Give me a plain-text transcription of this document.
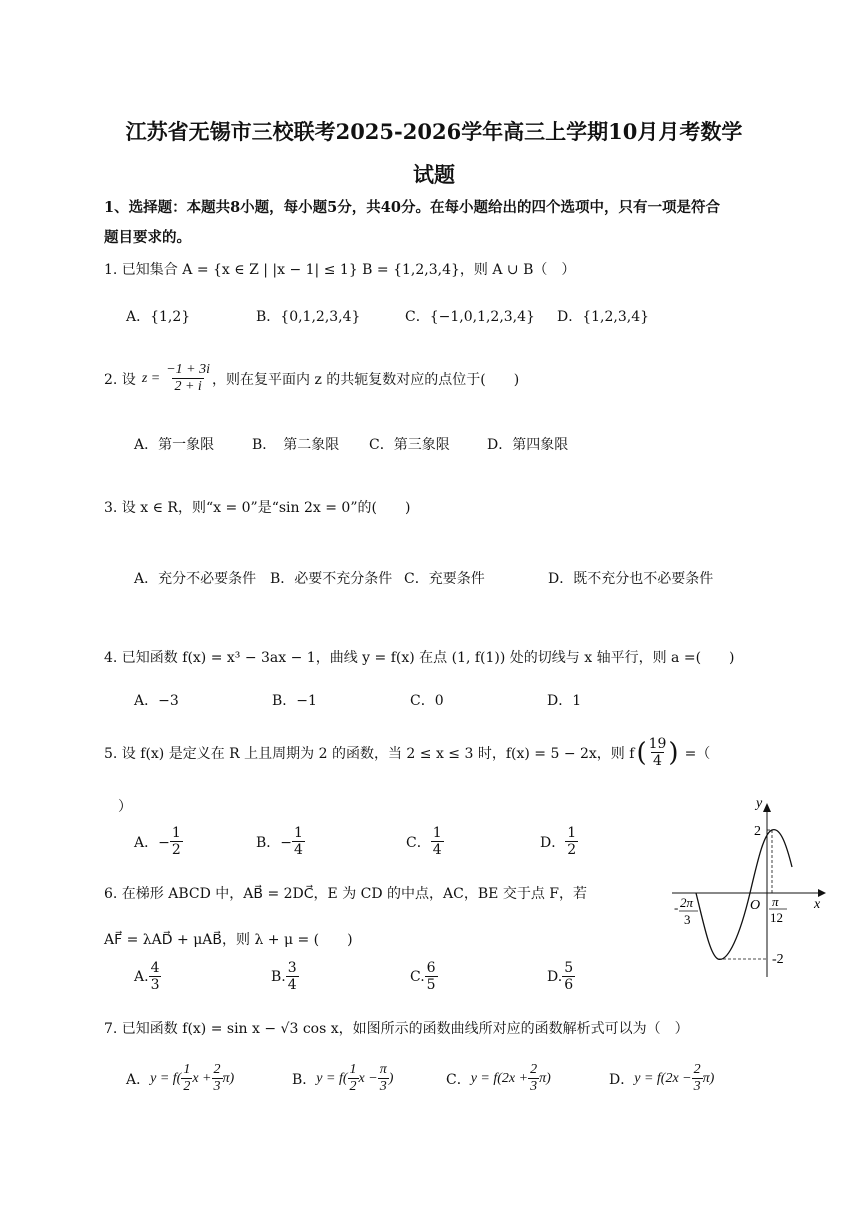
江苏省无锡市三校联考2025-2026学年高三上学期10月月考数学
试题
1、选择题：本题共8小题，每小题5分，共40分。在每小题给出的四个选项中，只有一项是符合
题目要求的。
1. 已知集合 A = {x ∈ Z | |x − 1| ≤ 1} B = {1,2,3,4}，则 A ∪ B（　）
A．{1,2}	B．{0,1,2,3,4}	C．{−1,0,1,2,3,4} D．{1,2,3,4}
2. 设 $z = \frac{-1 + 3i}{2 + i}$ ，则在复平面内 z 的共轭复数对应的点位于(　　)
A．第一象限	B．　第二象限 C．第三象限	D．第四象限
3. 设 x ∈ R，则“x = 0”是“sin 2x = 0”的(　　)
A．充分不必要条件 B．必要不充分条件 C．充要条件	D．既不充分也不必要条件
4. 已知函数 f(x) = x³ − 3ax − 1，曲线 y = f(x) 在点 (1, f(1)) 处的切线与 x 轴平行，则 a =(　　)
A．−3	B．−1	C．0	D．1
5. 设 f(x) 是定义在 R 上且周期为 2 的函数，当 2 ≤ x ≤ 3 时，f(x) = 5 − 2x，则 f ( $\frac{19}{4}$ ) =（
）
A．− $\frac{1}{2}$	B．− $\frac{1}{4}$	C． $\frac{1}{4}$	D． $\frac{1}{2}$
6. 在梯形 ABCD 中，AB⃗ = 2DC⃗，E 为 CD 的中点，AC，BE 交于点 F，若
AF⃗ = λAD⃗ + μAB⃗，则 λ + μ = (　　)
A. $\frac{4}{3}$	B. $\frac{3}{4}$	C. $\frac{6}{5}$	D. $\frac{5}{6}$
7. 已知函数 f(x) = sin x − √3 cos x，如图所示的函数曲线所对应的函数解析式可以为（　）
A． $y = f( \frac{1}{2}$ $x + \frac{2}{3} \pi$)	B． $y = f( \frac{1}{2}$ $x - \frac{\pi}{3}$ )	C． $y = f(2x + \frac{2}{3} \pi)$	D． $y = f(2x - \frac{2}{3} \pi)$
y
x
O
2
-2
- 2π
3
π
12
